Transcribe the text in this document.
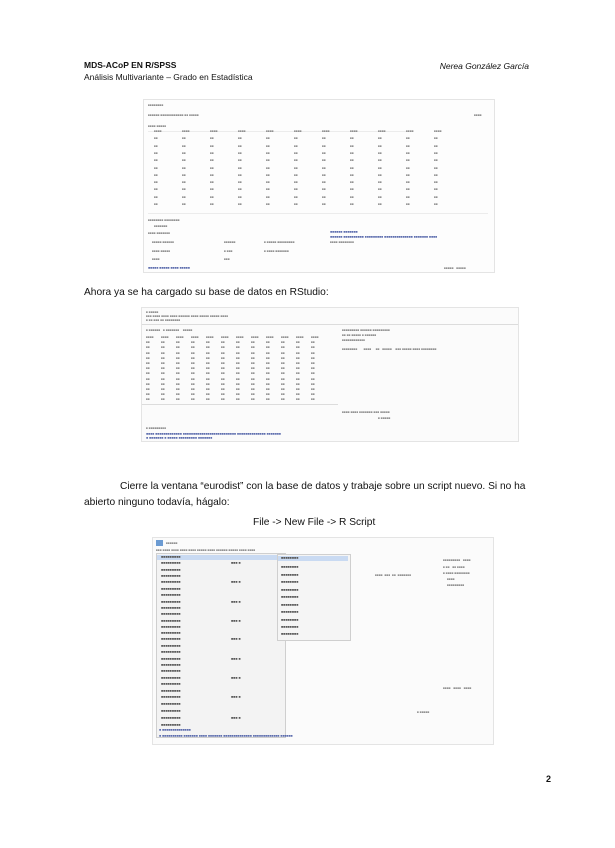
MDS-ACoP EN R/SPSS
Análisis Multivariante – Grado en Estadística
Nerea González García
■■■■■■■■
■■■■■■ ■■■■■■■■■■■■ ■■ ■■■■■	■■■■
■■■■ ■■■■■
■■■■	■■■■	■■■■	■■■■	■■■■	■■■■	■■■■	■■■■	■■■■	■■■■	■■■■
■■	■■	■■	■■	■■	■■	■■	■■	■■	■■	■■
■■	■■	■■	■■	■■	■■	■■	■■	■■	■■	■■
■■	■■	■■	■■	■■	■■	■■	■■	■■	■■	■■
■■	■■	■■	■■	■■	■■	■■	■■	■■	■■	■■
■■	■■	■■	■■	■■	■■	■■	■■	■■	■■	■■
■■	■■	■■	■■	■■	■■	■■	■■	■■	■■	■■
■■	■■	■■	■■	■■	■■	■■	■■	■■	■■	■■
■■	■■	■■	■■	■■	■■	■■	■■	■■	■■	■■
■■	■■	■■	■■	■■	■■	■■	■■	■■	■■	■■
■■	■■	■■	■■	■■	■■	■■	■■	■■	■■	■■
■■■■■■■■ ■■■■■■■■
■■■■■■■
■■■■ ■■■■■■■
■■■■■ ■■■■■■	■■■■■■	■ ■■■■■ ■■■■■■■■■
■■■■■■ ■■■■■■■
■■■■■■ ■■■■■■■■■■ ■■■■■■■■■ ■■■■■■■■■■■■■■ ■■■■■■■ ■■■■
■■■■ ■■■■■■■■
■■■■ ■■■■■	■ ■■■	■ ■■■■ ■■■■■■■
■■■■	■■■
■■■■■ ■■■■■ ■■■■ ■■■■■	■■■■■   ■■■■■
Ahora ya se ha cargado su base de datos en RStudio:
■ ■■■■■
■■■ ■■■■ ■■■■ ■■■■ ■■■■■■ ■■■■ ■■■■■ ■■■■■ ■■■■
■ ■■ ■■■ ■■ ■■■■■■■■
■ ■■■■■■   ■ ■■■■■■■    ■■■■■	■■■■■■■■■ ■■■■■■ ■■■■■■■■■
■■ ■■ ■■■■■ ■ ■■■■■■
■■■■■■■■■■■■
■■■■■■■■       ■■■■     ■■   ■■■■■    ■■■ ■■■■■ ■■■■ ■■■■■■■■
■■■■ ■■■■ ■■■■ ■■■■ ■■■■ ■■■■ ■■■■ ■■■■ ■■■■ ■■■■ ■■■■ ■■■■
■■	■■	■■	■■	■■	■■	■■	■■	■■	■■	■■	■■
■■	■■	■■	■■	■■	■■	■■	■■	■■	■■	■■	■■
■■	■■	■■	■■	■■	■■	■■	■■	■■	■■	■■	■■
■■	■■	■■	■■	■■	■■	■■	■■	■■	■■	■■	■■
■■	■■	■■	■■	■■	■■	■■	■■	■■	■■	■■	■■
■■	■■	■■	■■	■■	■■	■■	■■	■■	■■	■■	■■
■■	■■	■■	■■	■■	■■	■■	■■	■■	■■	■■	■■
■■	■■	■■	■■	■■	■■	■■	■■	■■	■■	■■	■■
■■	■■	■■	■■	■■	■■	■■	■■	■■	■■	■■	■■
■■	■■	■■	■■	■■	■■	■■	■■	■■	■■	■■	■■
■■	■■	■■	■■	■■	■■	■■	■■	■■	■■	■■	■■
■■	■■	■■	■■	■■	■■	■■	■■	■■	■■	■■	■■
■■■■ ■■■■ ■■■■■■■ ■■■ ■■■■■
■ ■■■■■
■ ■■■■■■■■■
■■■■ ■■■■■■■■■■■■■ ■■■■■■■■■■■■■■■■■■■■■■■■■■ ■■■■■■■■■■■■■■ ■■■■■■■
■ ■■■■■■■ ■ ■■■■■ ■■■■■■■■■ ■■■■■■■
Cierre la ventana “eurodist” con la base de datos y trabaje sobre un script nuevo. Si no ha abierto ninguno todavía, hágalo:
File -> New File -> R Script
■■■■■■
■■■ ■■■■ ■■■■ ■■■■ ■■■■ ■■■■■ ■■■■ ■■■■■■ ■■■■■ ■■■■ ■■■■
■■■■■■■■■
■■■■■■■■■	■■■ ■
■■■■■■■■■
■■■■■■■■■
■■■■■■■■■	■■■ ■
■■■■■■■■■
■■■■■■■■■
■■■■■■■■■	■■■ ■
■■■■■■■■■
■■■■■■■■■
■■■■■■■■■	■■■ ■
■■■■■■■■■
■■■■■■■■■
■■■■■■■■■	■■■ ■
■■■■■■■■■
■■■■■■■■■
■■■■■■■■■	■■■ ■
■■■■■■■■■
■■■■■■■■■
■■■■■■■■■	■■■ ■
■■■■■■■■■
■■■■■■■■■
■■■■■■■■■	■■■ ■
■■■■■■■■■
■■■■■■■■■
■■■■■■■■■	■■■ ■
■■■■■■■■■
■■■■■■■■
■■■■■■■■
■■■■■■■■
■■■■■■■■
■■■■■■■■
■■■■■■■■
■■■■■■■■
■■■■■■■■
■■■■■■■■
■■■■■■■■
■■■■■■■■
■■■■■■■■■   ■■■■
■ ■■   ■■ ■■■■
■ ■■■■ ■■■■■■■■
■■■■
■■■■■■■■■
■■■■  ■■■  ■■  ■■■■■■■
■■■■   ■■■■   ■■■■
■ ■■■■■
■ ■■■■■■■■■■■■■■
■ ■■■■■■■■■■ ■■■■■■■ ■■■■ ■■■■■■■ ■■■■■■■■■■■■■■ ■■■■■■■■■■■■■ ■■■■■■
2
